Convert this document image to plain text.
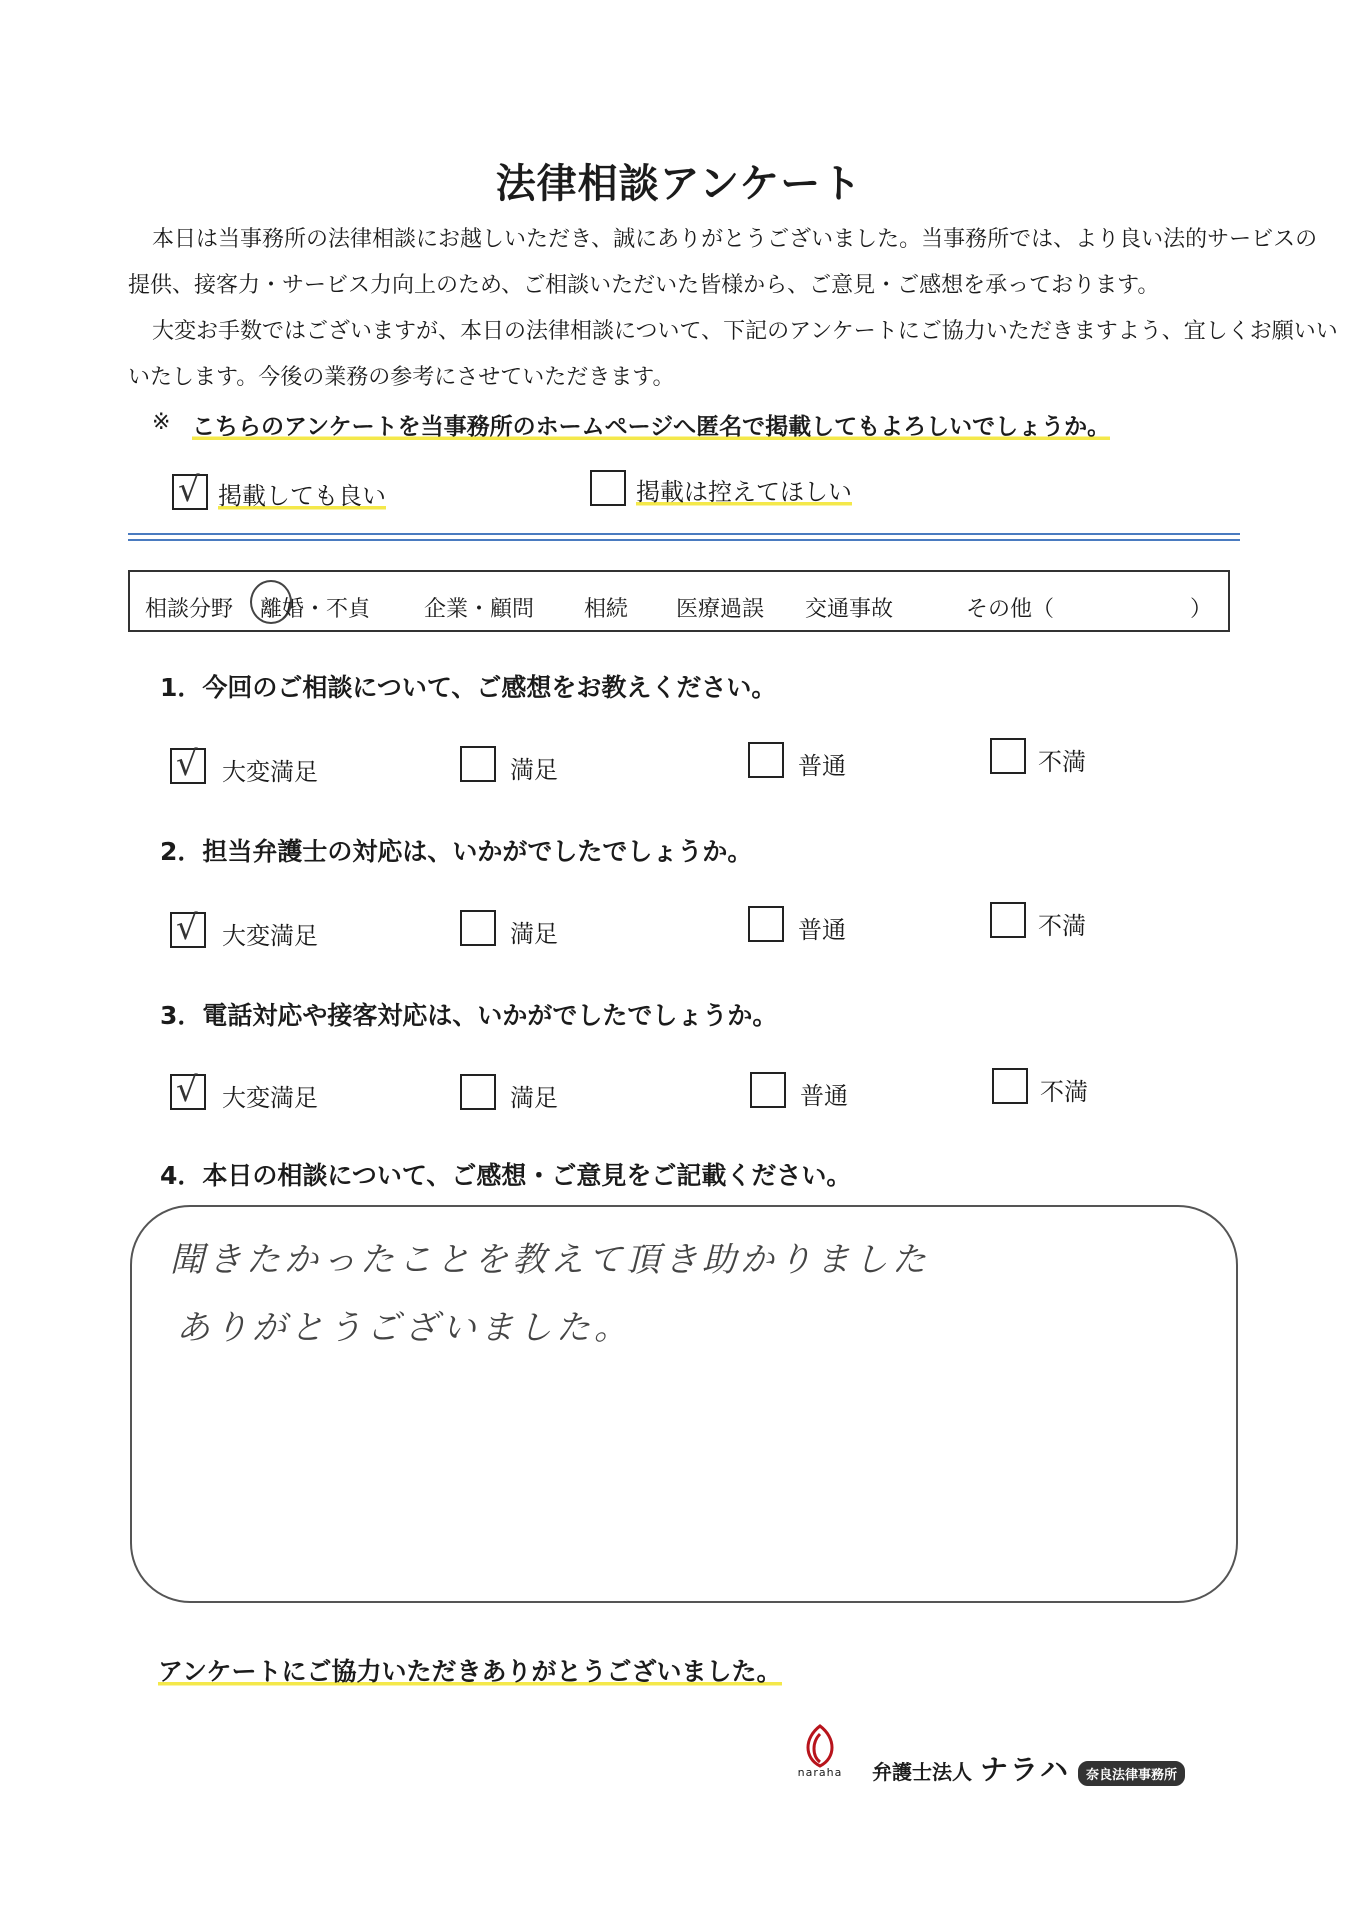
法律相談アンケート
本日は当事務所の法律相談にお越しいただき、誠にありがとうございました。当事務所では、より良い法的サービスの
提供、接客力・サービス力向上のため、ご相談いただいた皆様から、ご意見・ご感想を承っております。
大変お手数ではございますが、本日の法律相談について、下記のアンケートにご協力いただきますよう、宜しくお願いい
いたします。今後の業務の参考にさせていただきます。
※ こちらのアンケートを当事務所のホームページへ匿名で掲載してもよろしいでしょうか。
√ 掲載しても良い	掲載は控えてほしい
相談分野 離婚・不貞 企業・顧問 相続 医療過誤 交通事故	その他（	）
1．今回のご相談について、ご感想をお教えください。
√ 大変満足	満足	普通	不満
2．担当弁護士の対応は、いかがでしたでしょうか。
√ 大変満足	満足	普通	不満
3．電話対応や接客対応は、いかがでしたでしょうか。
√ 大変満足	満足	普通	不満
4．本日の相談について、ご感想・ご意見をご記載ください。
聞きたかったことを教えて頂き助かりました
ありがとうございました。
アンケートにご協力いただきありがとうございました。
naraha	弁護士法人 ナラハ	奈良法律事務所
